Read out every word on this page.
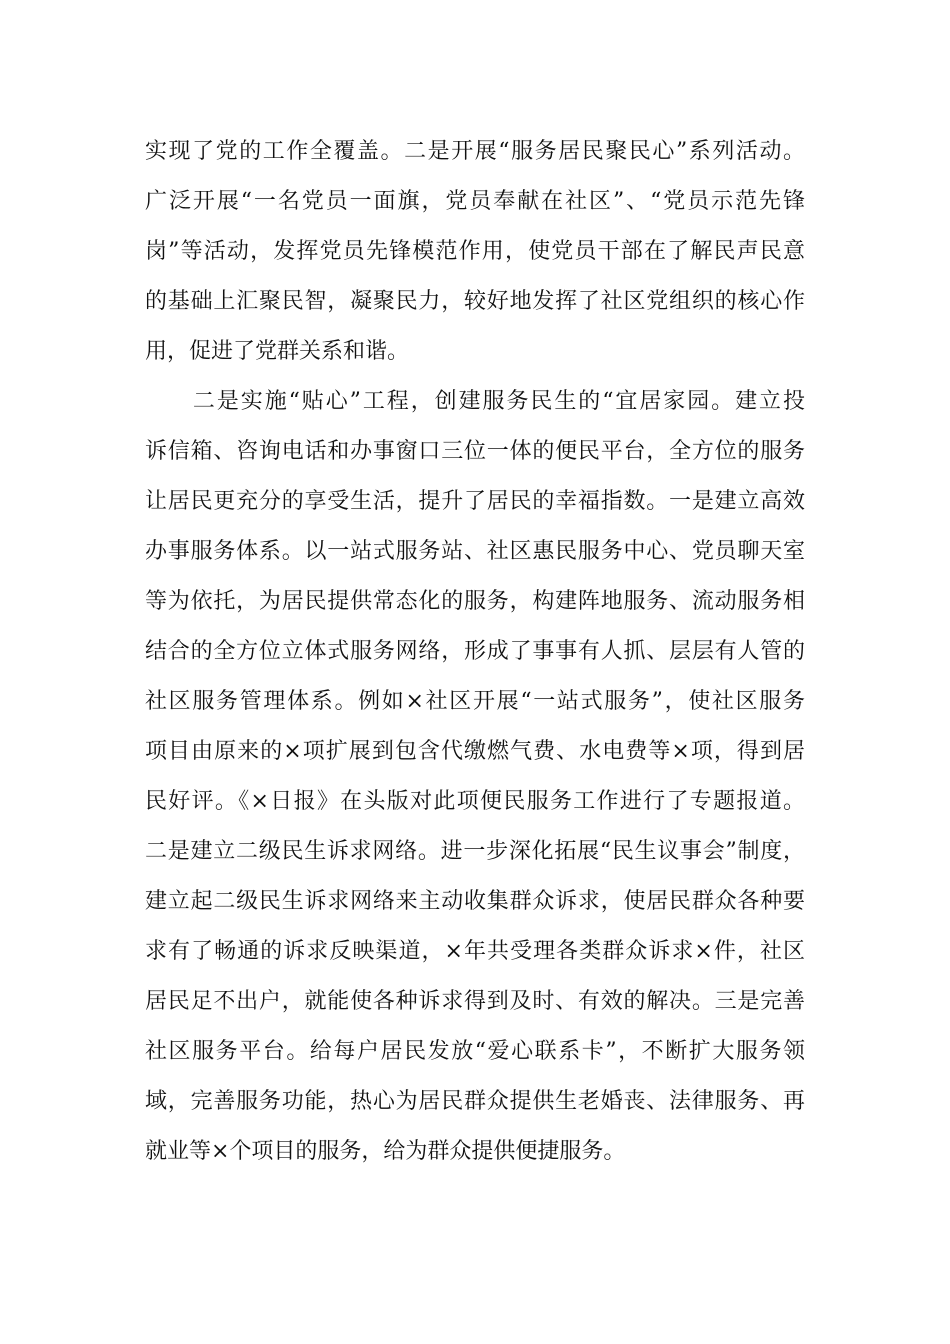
实现了党的工作全覆盖。二是开展“服务居民聚民心”系列活动。
广泛开展“一名党员一面旗，党员奉献在社区”、“党员示范先锋
岗”等活动，发挥党员先锋模范作用，使党员干部在了解民声民意
的基础上汇聚民智，凝聚民力，较好地发挥了社区党组织的核心作
用，促进了党群关系和谐。
　　二是实施“贴心”工程，创建服务民生的“宜居家园。建立投
诉信箱、咨询电话和办事窗口三位一体的便民平台，全方位的服务
让居民更充分的享受生活，提升了居民的幸福指数。一是建立高效
办事服务体系。以一站式服务站、社区惠民服务中心、党员聊天室
等为依托，为居民提供常态化的服务，构建阵地服务、流动服务相
结合的全方位立体式服务网络，形成了事事有人抓、层层有人管的
社区服务管理体系。例如×社区开展“一站式服务”，使社区服务
项目由原来的×项扩展到包含代缴燃气费、水电费等×项，得到居
民好评。《×日报》在头版对此项便民服务工作进行了专题报道。
二是建立二级民生诉求网络。进一步深化拓展“民生议事会”制度，
建立起二级民生诉求网络来主动收集群众诉求，使居民群众各种要
求有了畅通的诉求反映渠道，×年共受理各类群众诉求×件，社区
居民足不出户，就能使各种诉求得到及时、有效的解决。三是完善
社区服务平台。给每户居民发放“爱心联系卡”，不断扩大服务领
域，完善服务功能，热心为居民群众提供生老婚丧、法律服务、再
就业等×个项目的服务，给为群众提供便捷服务。
